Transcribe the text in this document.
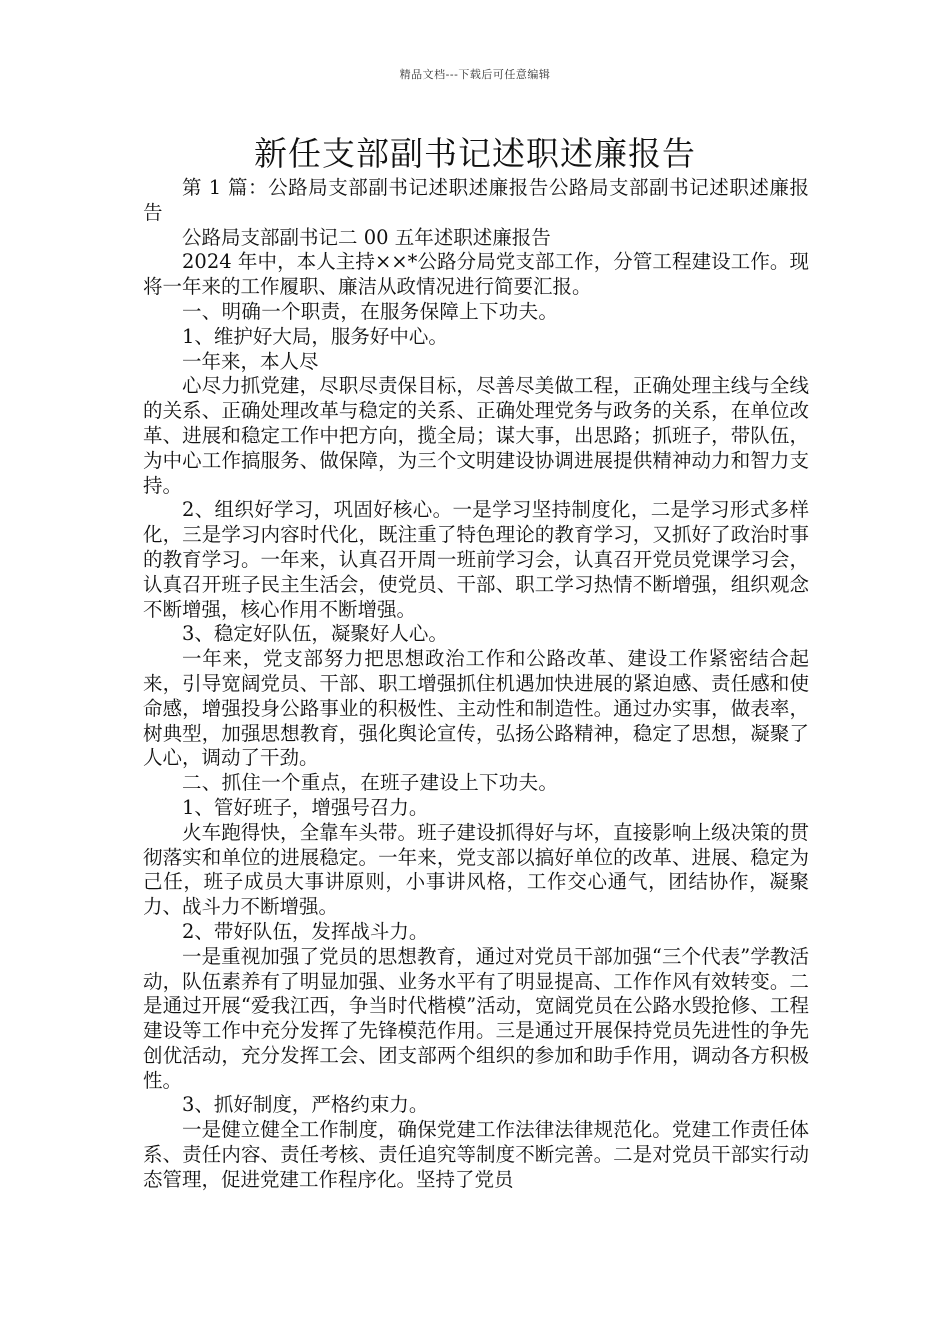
精品文档---下载后可任意编辑
新任支部副书记述职述廉报告

第 1 篇：公路局支部副书记述职述廉报告公路局支部副书记述职述廉报告

公路局支部副书记二 00 五年述职述廉报告

2024 年中，本人主持××*公路分局党支部工作，分管工程建设工作。现将一年来的工作履职、廉洁从政情况进行简要汇报。

一、明确一个职责，在服务保障上下功夫。

1、维护好大局，服务好中心。

一年来，本人尽

心尽力抓党建，尽职尽责保目标，尽善尽美做工程，正确处理主线与全线的关系、正确处理改革与稳定的关系、正确处理党务与政务的关系，在单位改革、进展和稳定工作中把方向，揽全局；谋大事，出思路；抓班子，带队伍，为中心工作搞服务、做保障，为三个文明建设协调进展提供精神动力和智力支持。

2、组织好学习，巩固好核心。一是学习坚持制度化，二是学习形式多样化，三是学习内容时代化，既注重了特色理论的教育学习，又抓好了政治时事的教育学习。一年来，认真召开周一班前学习会，认真召开党员党课学习会，认真召开班子民主生活会，使党员、干部、职工学习热情不断增强，组织观念不断增强，核心作用不断增强。

3、稳定好队伍，凝聚好人心。

一年来，党支部努力把思想政治工作和公路改革、建设工作紧密结合起来，引导宽阔党员、干部、职工增强抓住机遇加快进展的紧迫感、责任感和使命感，增强投身公路事业的积极性、主动性和制造性。通过办实事，做表率，树典型，加强思想教育，强化舆论宣传，弘扬公路精神，稳定了思想，凝聚了人心，调动了干劲。

二、抓住一个重点，在班子建设上下功夫。

1、管好班子，增强号召力。

火车跑得快，全靠车头带。班子建设抓得好与坏，直接影响上级决策的贯彻落实和单位的进展稳定。一年来，党支部以搞好单位的改革、进展、稳定为己任，班子成员大事讲原则，小事讲风格，工作交心通气，团结协作，凝聚力、战斗力不断增强。

2、带好队伍，发挥战斗力。

一是重视加强了党员的思想教育，通过对党员干部加强“三个代表”学教活动，队伍素养有了明显加强、业务水平有了明显提高、工作作风有效转变。二是通过开展“爱我江西，争当时代楷模”活动，宽阔党员在公路水毁抢修、工程建设等工作中充分发挥了先锋模范作用。三是通过开展保持党员先进性的争先创优活动，充分发挥工会、团支部两个组织的参加和助手作用，调动各方积极性。

3、抓好制度，严格约束力。

一是健立健全工作制度，确保党建工作法律法律规范化。党建工作责任体系、责任内容、责任考核、责任追究等制度不断完善。二是对党员干部实行动态管理，促进党建工作程序化。坚持了党员
